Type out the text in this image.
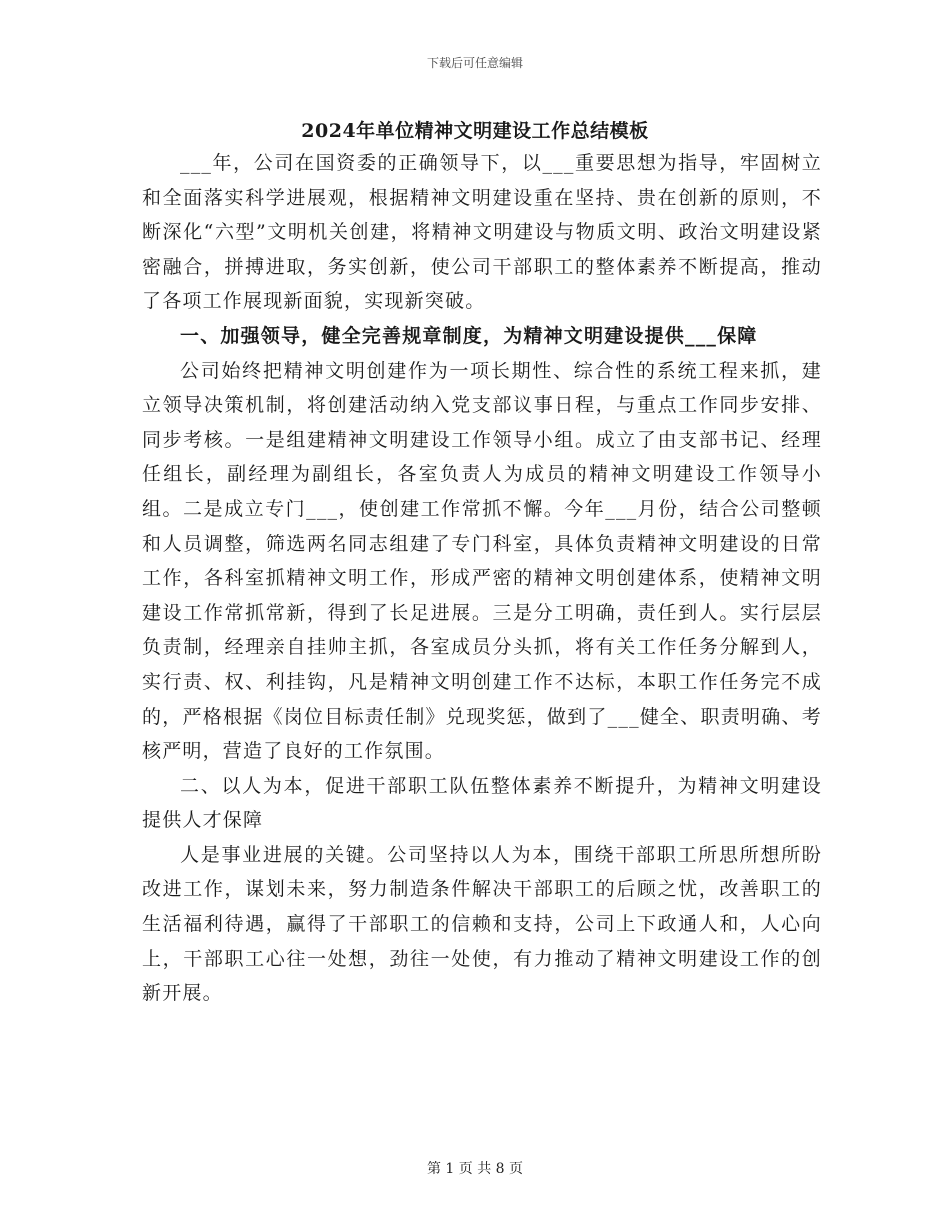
下载后可任意编辑
2024年单位精神文明建设工作总结模板

___年，公司在国资委的正确领导下，以___重要思想为指导，牢固树立和全面落实科学进展观，根据精神文明建设重在坚持、贵在创新的原则，不断深化“六型”文明机关创建，将精神文明建设与物质文明、政治文明建设紧密融合，拼搏进取，务实创新，使公司干部职工的整体素养不断提高，推动了各项工作展现新面貌，实现新突破。

一、加强领导，健全完善规章制度，为精神文明建设提供___保障

公司始终把精神文明创建作为一项长期性、综合性的系统工程来抓，建立领导决策机制，将创建活动纳入党支部议事日程，与重点工作同步安排、同步考核。一是组建精神文明建设工作领导小组。成立了由支部书记、经理任组长，副经理为副组长，各室负责人为成员的精神文明建设工作领导小组。二是成立专门___，使创建工作常抓不懈。今年___月份，结合公司整顿和人员调整，筛选两名同志组建了专门科室，具体负责精神文明建设的日常工作，各科室抓精神文明工作，形成严密的精神文明创建体系，使精神文明建设工作常抓常新，得到了长足进展。三是分工明确，责任到人。实行层层负责制，经理亲自挂帅主抓，各室成员分头抓，将有关工作任务分解到人，实行责、权、利挂钩，凡是精神文明创建工作不达标，本职工作任务完不成的，严格根据《岗位目标责任制》兑现奖惩，做到了___健全、职责明确、考核严明，营造了良好的工作氛围。

二、以人为本，促进干部职工队伍整体素养不断提升，为精神文明建设提供人才保障

人是事业进展的关键。公司坚持以人为本，围绕干部职工所思所想所盼改进工作，谋划未来，努力制造条件解决干部职工的后顾之忧，改善职工的生活福利待遇，赢得了干部职工的信赖和支持，公司上下政通人和，人心向上，干部职工心往一处想，劲往一处使，有力推动了精神文明建设工作的创新开展。

第 1 页 共 8 页
